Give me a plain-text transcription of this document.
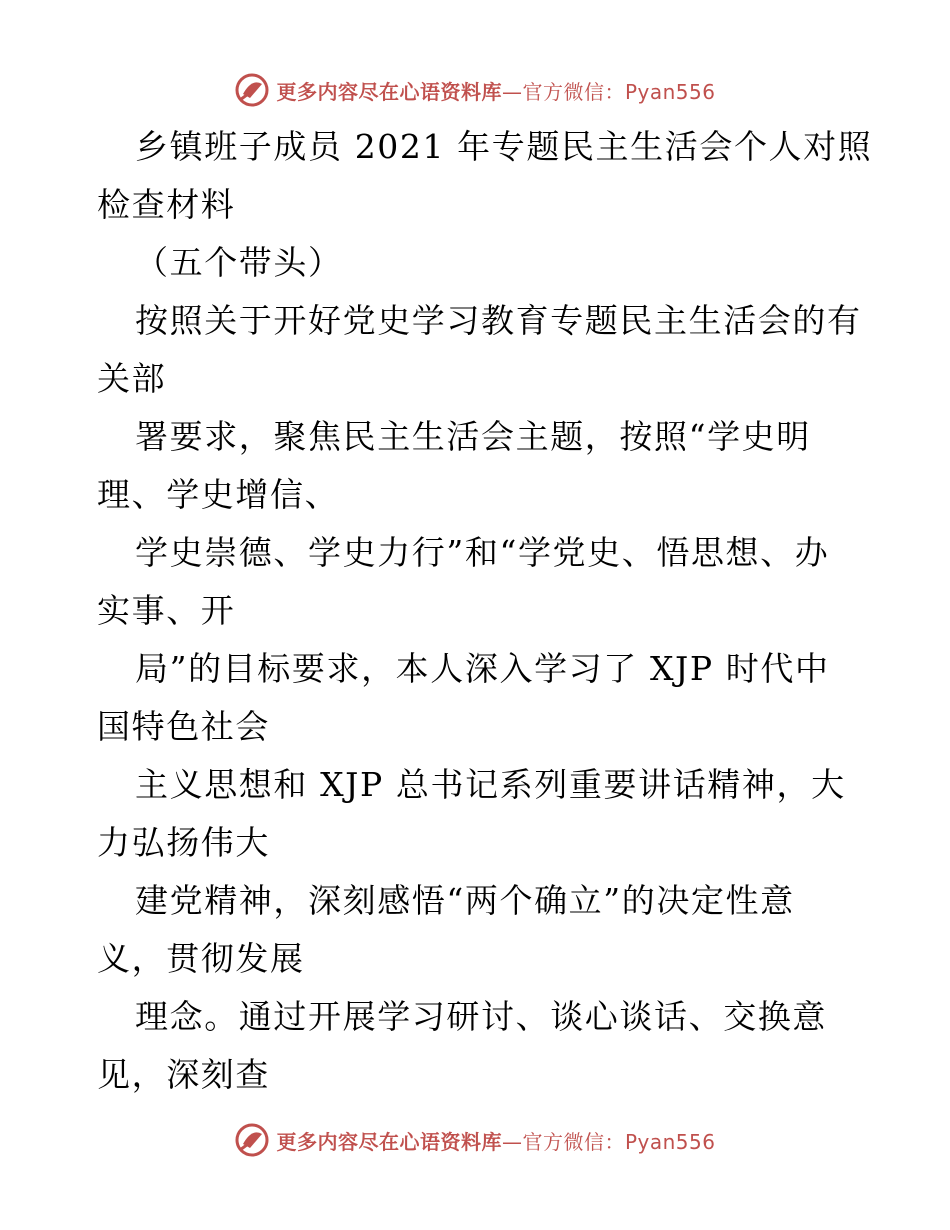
更多内容尽在心语资料库—官方微信：Pyan556
乡镇班子成员 2021 年专题民主生活会个人对照
检查材料
（五个带头）
按照关于开好党史学习教育专题民主生活会的有
关部
署要求，聚焦民主生活会主题，按照“学史明
理、学史增信、
学史崇德、学史力行”和“学党史、悟思想、办
实事、开
局”的目标要求，本人深入学习了 XJP 时代中
国特色社会
主义思想和 XJP 总书记系列重要讲话精神，大
力弘扬伟大
建党精神，深刻感悟“两个确立”的决定性意
义，贯彻发展
理念。通过开展学习研讨、谈心谈话、交换意
见，深刻查
更多内容尽在心语资料库—官方微信：Pyan556
